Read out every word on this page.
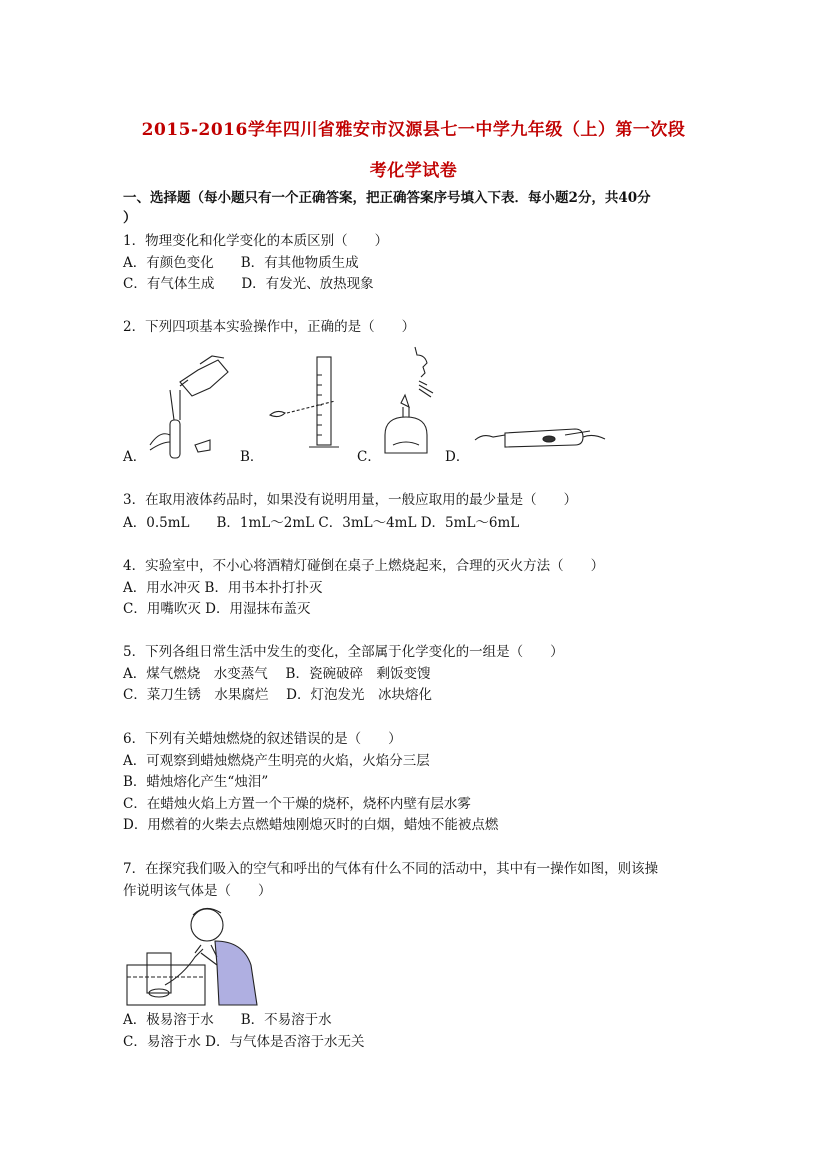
2015-2016学年四川省雅安市汉源县七一中学九年级（上）第一次段
考化学试卷
一、选择题（每小题只有一个正确答案，把正确答案序号填入下表．每小题2分，共40分
）
1．物理变化和化学变化的本质区别（　　）
A．有颜色变化　　B．有其他物质生成
C．有气体生成　　D．有发光、放热现象
2．下列四项基本实验操作中，正确的是（　　）
A．	B．	C．	D．
3．在取用液体药品时，如果没有说明用量，一般应取用的最少量是（　　）
A．0.5mL　　B．1mL～2mL C．3mL～4mL D．5mL～6mL
4．实验室中，不小心将酒精灯碰倒在桌子上燃烧起来，合理的灭火方法（　　）
A．用水冲灭 B．用书本扑打扑灭
C．用嘴吹灭 D．用湿抹布盖灭
5．下列各组日常生活中发生的变化，全部属于化学变化的一组是（　　）
A．煤气燃烧　水变蒸气　 B．瓷碗破碎　剩饭变馊
C．菜刀生锈　水果腐烂　 D．灯泡发光　冰块熔化
6．下列有关蜡烛燃烧的叙述错误的是（　　）
A．可观察到蜡烛燃烧产生明亮的火焰，火焰分三层
B．蜡烛熔化产生“烛泪”
C．在蜡烛火焰上方置一个干燥的烧杯，烧杯内壁有层水雾
D．用燃着的火柴去点燃蜡烛刚熄灭时的白烟，蜡烛不能被点燃
7．在探究我们吸入的空气和呼出的气体有什么不同的活动中，其中有一操作如图，则该操
作说明该气体是（　　）
A．极易溶于水　　B．不易溶于水
C．易溶于水 D．与气体是否溶于水无关
